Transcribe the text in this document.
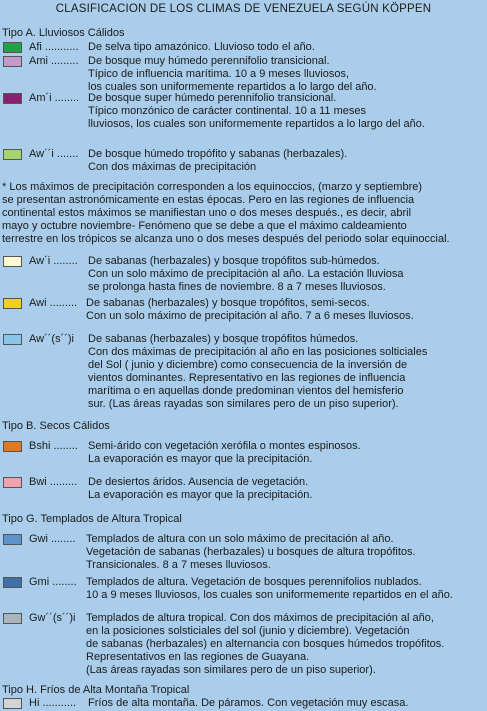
CLASIFICACION DE LOS CLIMAS DE VENEZUELA SEGÚN KÖPPEN
Tipo A. Lluviosos Cálidos
Afi ........... De selva tipo amazónico. Lluvioso todo el año.
Ami ......... De bosque muy húmedo perennifolio transicional.
Típico de influencia marítima. 10 a 9 meses lluviosos,
los cuales son uniformemente repartidos a lo largo del año.
Am´i ........ De bosque super húmedo perennifolio transicional.
Típico monzónico de carácter continental. 10 a 11 meses
lluviosos, los cuales son uniformemente repartidos a lo largo del año.
Aw´´i ....... De bosque húmedo tropófito y sabanas (herbazales).
Con dos máximas de precipitación
* Los máximos de precipitación corresponden a los equinoccios, (marzo y septiembre)
se presentan astronómicamente en estas épocas. Pero en las regiones de influencia
continental estos máximos se manifiestan uno o dos meses después., es decir, abril
mayo y octubre noviembre- Fenómeno que se debe a que el máximo caldeamiento
terrestre en los trópicos se alcanza uno o dos meses después del periodo solar equinoccial.
Aw´i ........ De sabanas (herbazales) y bosque tropófitos sub-húmedos.
Con un solo máximo de precipitación al año. La estación lluviosa
se prolonga hasta fines de noviembre. 8 a 7 meses lluviosos.
Awi ......... De sabanas (herbazales) y bosque tropófitos, semi-secos.
Con un solo máximo de precipitación al año. 7 a 6 meses lluviosos.
Aw´´(s´´)i De sabanas (herbazales) y bosque tropófitos húmedos.
Con dos máximas de precipitación al año en las posiciones solticiales
del Sol ( junio y diciembre) como consecuencia de la inversión de
vientos dominantes. Representativo en las regiones de influencia
marítima o en aquellas donde predominan vientos del hemisferio
sur. (Las áreas rayadas son similares pero de un piso superior).
Tipo B. Secos Cálidos
Bshi ........ Semi-árido con vegetación xerófila o montes espinosos.
La evaporación es mayor que la precipitación.
Bwi ......... De desiertos áridos. Ausencia de vegetación.
La evaporación es mayor que la precipitación.
Tipo G. Templados de Altura Tropical
Gwi ........ Templados de altura con un solo máximo de precitación al año.
Vegetación de sabanas (herbazales) u bosques de altura tropófitos.
Transicionales. 8 a 7 meses lluviosos.
Gmi ........ Templados de altura. Vegetación de bosques perennifolios nublados.
10 a 9 meses lluviosos, los cuales son uniformemente repartidos en el año.
Gw´´(s´´)i Templados de altura tropical. Con dos máximos de precipitación al año,
en la posiciones solsticiales del sol (junio y diciembre). Vegetación
de sabanas (herbazales) en alternancia con bosques húmedos tropófitos.
Representativos en las regiones de Guayana.
(Las áreas rayadas son similares pero de un piso superior).
Tipo H. Fríos de Alta Montaña Tropical
Hi ........... Fríos de alta montaña. De páramos. Con vegetación muy escasa.
